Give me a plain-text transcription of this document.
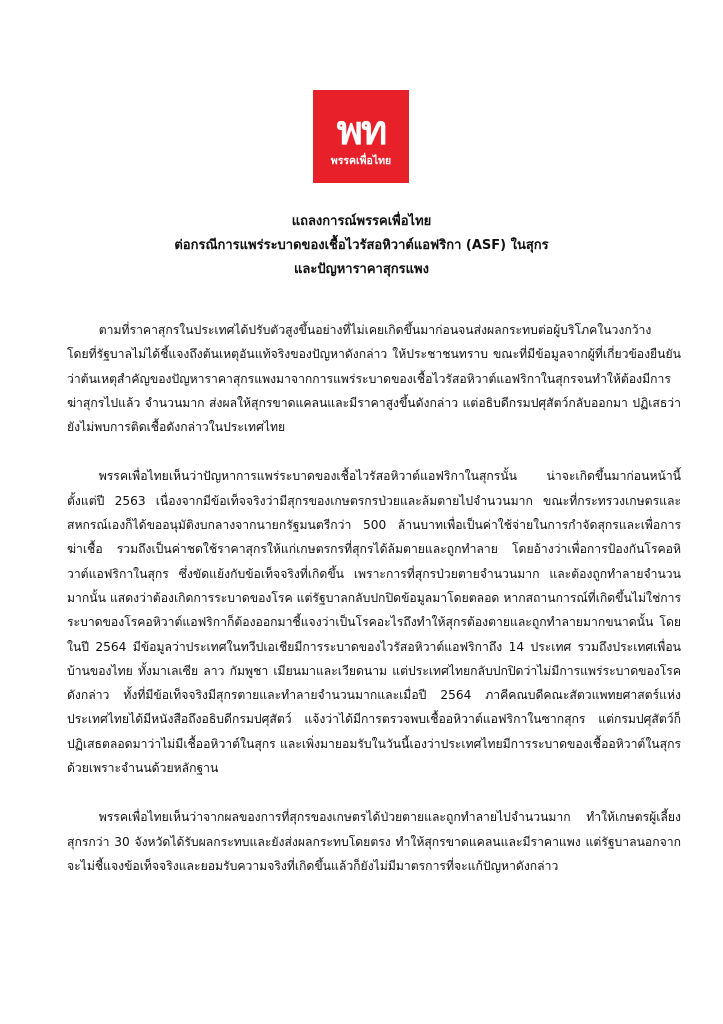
พท
พรรคเพื่อไทย
แถลงการณ์พรรคเพื่อไทย
ต่อกรณีการแพร่ระบาดของเชื้อไวรัสอหิวาต์แอฟริกา (ASF) ในสุกร
และปัญหาราคาสุกรแพง

ตามที่ราคาสุกรในประเทศได้ปรับตัวสูงขึ้นอย่างที่ไม่เคยเกิดขึ้นมาก่อนจนส่งผลกระทบต่อผู้บริโภคในวงกว้าง โดยที่รัฐบาลไม่ได้ชี้แจงถึงต้นเหตุอันแท้จริงของปัญหาดังกล่าว ให้ประชาชนทราบ ขณะที่มีข้อมูลจากผู้ที่เกี่ยวข้องยืนยันว่าต้นเหตุสำคัญของปัญหาราคาสุกรแพงมาจากการแพร่ระบาดของเชื้อไวรัสอหิวาต์แอฟริกาในสุกรจนทำให้ต้องมีการฆ่าสุกรไปแล้ว จำนวนมาก ส่งผลให้สุกรขาดแคลนและมีราคาสูงขึ้นดังกล่าว แต่อธิบดีกรมปศุสัตว์กลับออกมา ปฏิเสธว่ายังไม่พบการติดเชื้อดังกล่าวในประเทศไทย

พรรคเพื่อไทยเห็นว่าปัญหาการแพร่ระบาดของเชื้อไวรัสอหิวาต์แอฟริกาในสุกรนั้น น่าจะเกิดขึ้นมาก่อนหน้านี้ตั้งแต่ปี 2563 เนื่องจากมีข้อเท็จจริงว่ามีสุกรของเกษตรกรป่วยและล้มตายไปจำนวนมาก ขณะที่กระทรวงเกษตรและสหกรณ์เองก็ได้ขออนุมัติงบกลางจากนายกรัฐมนตรีกว่า 500 ล้านบาทเพื่อเป็นค่าใช้จ่ายในการกำจัดสุกรและเพื่อการฆ่าเชื้อ รวมถึงเป็นค่าชดใช้ราคาสุกรให้แก่เกษตรกรที่สุกรได้ล้มตายและถูกทำลาย โดยอ้างว่าเพื่อการป้องกันโรคอหิวาต์แอฟริกาในสุกร ซึ่งขัดแย้งกับข้อเท็จจริงที่เกิดขึ้น เพราะการที่สุกรป่วยตายจำนวนมาก และต้องถูกทำลายจำนวนมากนั้น แสดงว่าต้องเกิดการระบาดของโรค แต่รัฐบาลกลับปกปิดข้อมูลมาโดยตลอด หากสถานการณ์ที่เกิดขึ้นไม่ใช่การระบาดของโรคอหิวาต์แอฟริกาก็ต้องออกมาชี้แจงว่าเป็นโรคอะไรถึงทำให้สุกรต้องตายและถูกทำลายมากขนาดนั้น โดยในปี 2564 มีข้อมูลว่าประเทศในทวีปเอเชียมีการระบาดของไวรัสอหิวาต์แอฟริกาถึง 14 ประเทศ รวมถึงประเทศเพื่อนบ้านของไทย ทั้งมาเลเซีย ลาว กัมพูชา เมียนมาและเวียดนาม แต่ประเทศไทยกลับปกปิดว่าไม่มีการแพร่ระบาดของโรคดังกล่าว ทั้งที่มีข้อเท็จจริงมีสุกรตายและทำลายจำนวนมากและเมื่อปี 2564 ภาคีคณบดีคณะสัตวแพทยศาสตร์แห่งประเทศไทยได้มีหนังสือถึงอธิบดีกรมปศุสัตว์ แจ้งว่าได้มีการตรวจพบเชื้ออหิวาต์แอฟริกาในซากสุกร แต่กรมปศุสัตว์ก็ปฏิเสธตลอดมาว่าไม่มีเชื้ออหิวาต์ในสุกร และเพิ่งมายอมรับในวันนี้เองว่าประเทศไทยมีการระบาดของเชื้ออหิวาต์ในสุกร ด้วยเพราะจำนนด้วยหลักฐาน

พรรคเพื่อไทยเห็นว่าจากผลของการที่สุกรของเกษตรได้ป่วยตายและถูกทำลายไปจำนวนมาก ทำให้เกษตรผู้เลี้ยงสุกรกว่า 30 จังหวัดได้รับผลกระทบและยังส่งผลกระทบโดยตรง ทำให้สุกรขาดแคลนและมีราคาแพง แต่รัฐบาลนอกจากจะไม่ชี้แจงข้อเท็จจริงและยอมรับความจริงที่เกิดขึ้นแล้วก็ยังไม่มีมาตรการที่จะแก้ปัญหาดังกล่าว
